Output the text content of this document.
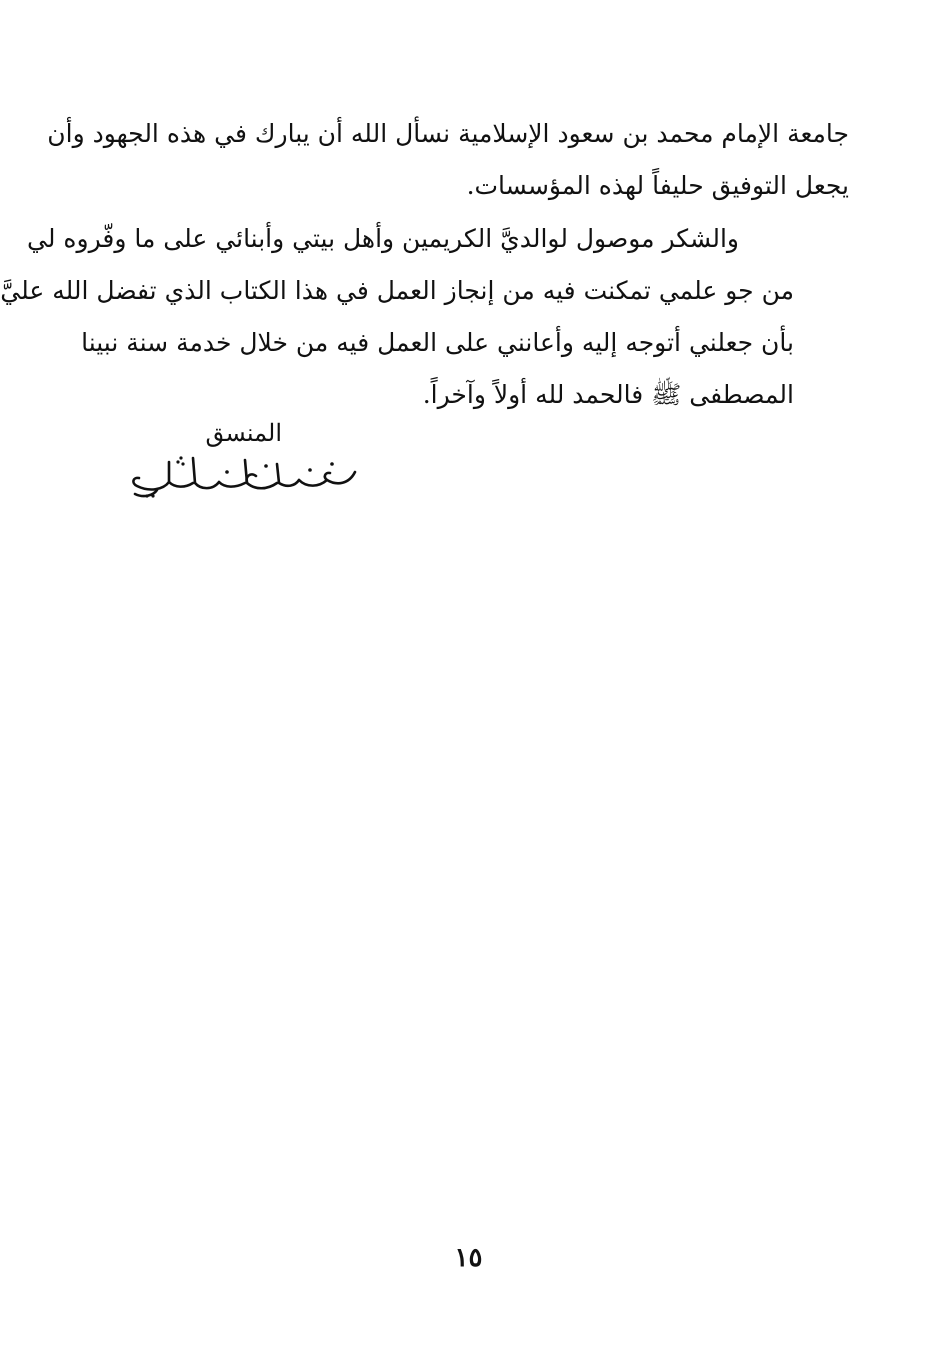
جامعة الإمام محمد بن سعود الإسلامية نسأل الله أن يبارك في هذه الجهود وأن
يجعل التوفيق حليفاً لهذه المؤسسات.
والشكر موصول لوالديَّ الكريمين وأهل بيتي وأبنائي على ما وفّروه لي
من جو علمي تمكنت فيه من إنجاز العمل في هذا الكتاب الذي تفضل الله عليَّ
بأن جعلني أتوجه إليه وأعانني على العمل فيه من خلال خدمة سنة نبينا
المصطفى ﷺ فالحمد لله أولاً وآخراً.
المنسق
١٥
